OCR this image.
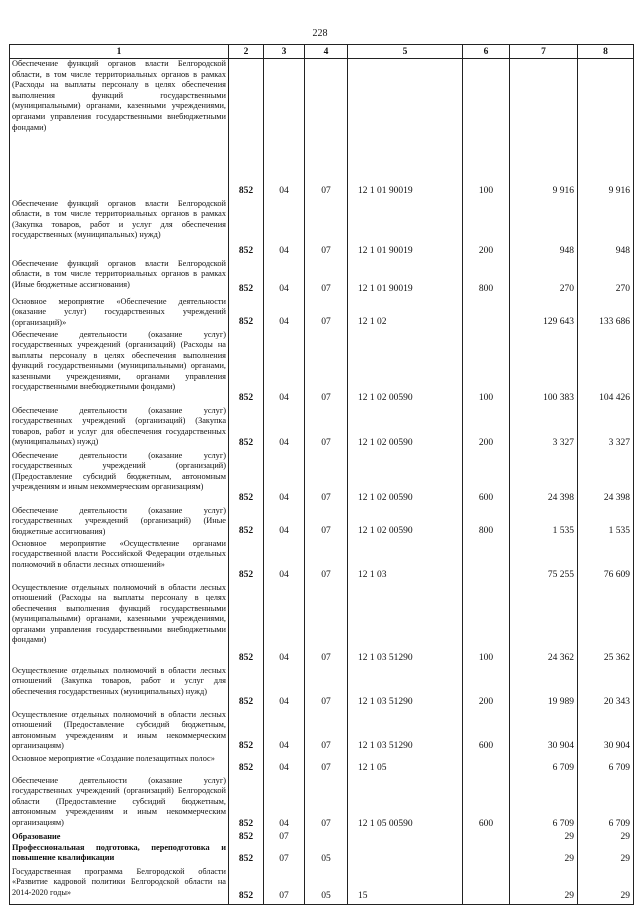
228
1	2	3	4	5	6	7	8
Обеспечение функций органов власти Белгородской области, в том числе территориальных органов в рамках (Расходы на выплаты персоналу в целях обеспечения выполнения функций государственными (муниципальными) органами, казенными учреждениями, органами управления государственными внебюджетными фондами)	852	04	07	12 1 01 90019	100	9 916	9 916

Обеспечение функций органов власти Белгородской области, в том числе территориальных органов в рамках (Закупка товаров, работ и услуг для обеспечения государственных (муниципальных) нужд)	852	04	07	12 1 01 90019	200	948	948

Обеспечение функций органов власти Белгородской области, в том числе территориальных органов в рамках (Иные бюджетные ассигнования)	852	04	07	12 1 01 90019	800	270	270

Основное мероприятие «Обеспечение деятельности (оказание услуг) государственных учреждений (организаций)»	852	04	07	12 1 02		129 643	133 686

Обеспечение деятельности (оказание услуг) государственных учреждений (организаций) (Расходы на выплаты персоналу в целях обеспечения выполнения функций государственными (муниципальными) органами, казенными учреждениями, органами управления государственными внебюджетными фондами)	852	04	07	12 1 02 00590	100	100 383	104 426

Обеспечение деятельности (оказание услуг) государственных учреждений (организаций) (Закупка товаров, работ и услуг для обеспечения государственных (муниципальных) нужд)	852	04	07	12 1 02 00590	200	3 327	3 327

Обеспечение деятельности (оказание услуг) государственных учреждений (организаций) (Предоставление субсидий бюджетным, автономным учреждениям и иным некоммерческим организациям)	852	04	07	12 1 02 00590	600	24 398	24 398

Обеспечение деятельности (оказание услуг) государственных учреждений (организаций) (Иные бюджетные ассигнования)	852	04	07	12 1 02 00590	800	1 535	1 535

Основное мероприятие «Осуществление органами государственной власти Российской Федерации отдельных полномочий в области лесных отношений»	852	04	07	12 1 03		75 255	76 609

Осуществление отдельных полномочий в области лесных отношений (Расходы на выплаты персоналу в целях обеспечения выполнения функций государственными (муниципальными) органами, казенными учреждениями, органами управления государственными внебюджетными фондами)	852	04	07	12 1 03 51290	100	24 362	25 362

Осуществление отдельных полномочий в области лесных отношений (Закупка товаров, работ и услуг для обеспечения государственных (муниципальных) нужд)	852	04	07	12 1 03 51290	200	19 989	20 343

Осуществление отдельных полномочий в области лесных отношений (Предоставление субсидий бюджетным, автономным учреждениям и иным некоммерческим организациям)	852	04	07	12 1 03 51290	600	30 904	30 904

Основное мероприятие «Создание полезащитных полос»	852	04	07	12 1 05		6 709	6 709

Обеспечение деятельности (оказание услуг) государственных учреждений (организаций) Белгородской области (Предоставление субсидий бюджетным, автономным учреждениям и иным некоммерческим организациям)	852	04	07	12 1 05 00590	600	6 709	6 709

Образование	852	07				29	29

Профессиональная подготовка, переподготовка и повышение квалификации	852	07	05			29	29

Государственная программа Белгородской области «Развитие кадровой политики Белгородской области на 2014-2020 годы»	852	07	05	15		29	29
